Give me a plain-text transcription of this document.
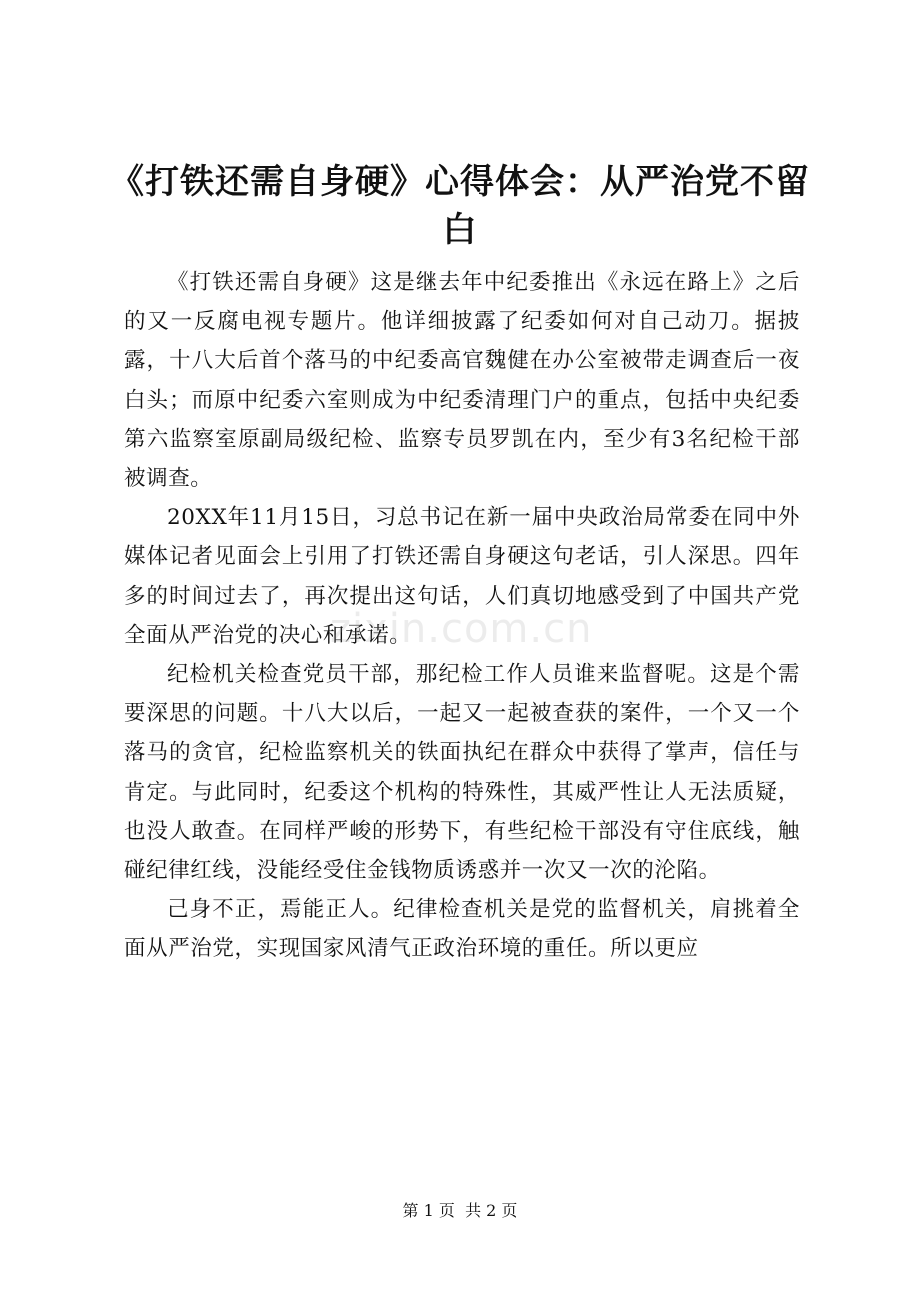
《打铁还需自身硬》心得体会：从严治党不留白

《打铁还需自身硬》这是继去年中纪委推出《永远在路上》之后的又一反腐电视专题片。他详细披露了纪委如何对自己动刀。据披露，十八大后首个落马的中纪委高官魏健在办公室被带走调查后一夜白头；而原中纪委六室则成为中纪委清理门户的重点，包括中央纪委第六监察室原副局级纪检、监察专员罗凯在内，至少有3名纪检干部被调查。

20XX年11月15日，习总书记在新一届中央政治局常委在同中外媒体记者见面会上引用了打铁还需自身硬这句老话，引人深思。四年多的时间过去了，再次提出这句话，人们真切地感受到了中国共产党全面从严治党的决心和承诺。

纪检机关检查党员干部，那纪检工作人员谁来监督呢。这是个需要深思的问题。十八大以后，一起又一起被查获的案件，一个又一个落马的贪官，纪检监察机关的铁面执纪在群众中获得了掌声，信任与肯定。与此同时，纪委这个机构的特殊性，其威严性让人无法质疑，也没人敢查。在同样严峻的形势下，有些纪检干部没有守住底线，触碰纪律红线，没能经受住金钱物质诱惑并一次又一次的沦陷。

己身不正，焉能正人。纪律检查机关是党的监督机关，肩挑着全面从严治党，实现国家风清气正政治环境的重任。所以更应

zixin.com.cn
第 1 页  共 2 页
